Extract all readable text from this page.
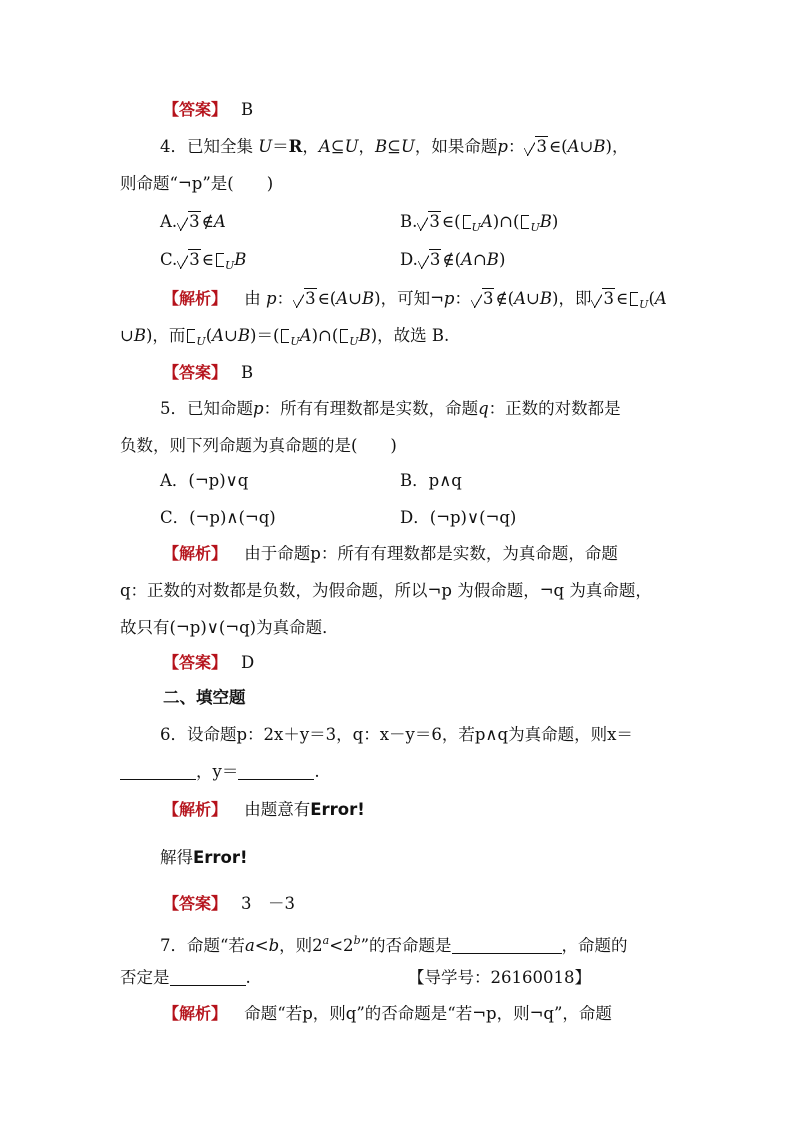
【答案】 B
4．已知全集 U＝R，A⊆U，B⊆U，如果命题p： 3 ∈(A∪B)，
则命题“¬p”是(　　)
A. 3 ∉A	B. 3 ∈( $_U$A)∩( $_U$B)
C. 3 ∈ $_U$B	D. 3 ∉(A∩B)
【解析】 由 p： 3 ∈(A∪B)，可知¬p： 3 ∉(A∪B)，即 3 ∈ $_U$(A
∪B)，而 $_U$(A∪B)＝( $_U$A)∩( $_U$B)，故选 B.
【答案】 B
5．已知命题p：所有有理数都是实数，命题q：正数的对数都是
负数，则下列命题为真命题的是(　　)
A．(¬p)∨q	B．p∧q
C．(¬p)∧(¬q)	D．(¬p)∨(¬q)
【解析】 由于命题p：所有有理数都是实数，为真命题，命题
q：正数的对数都是负数，为假命题，所以¬p 为假命题，¬q 为真命题，
故只有(¬p)∨(¬q)为真命题．
【答案】 D
二、填空题
6．设命题p：2x＋y＝3，q：x－y＝6，若p∧q为真命题，则x＝
，y＝	.
【解析】 由题意有Error!
解得Error!
【答案】 3　－3
7．命题“若a<b，则$2^a<2^b$”的否命题是	，命题的
否定是	.	【导学号：26160018】
【解析】 命题“若p，则q”的否命题是“若¬p，则¬q”，命题
